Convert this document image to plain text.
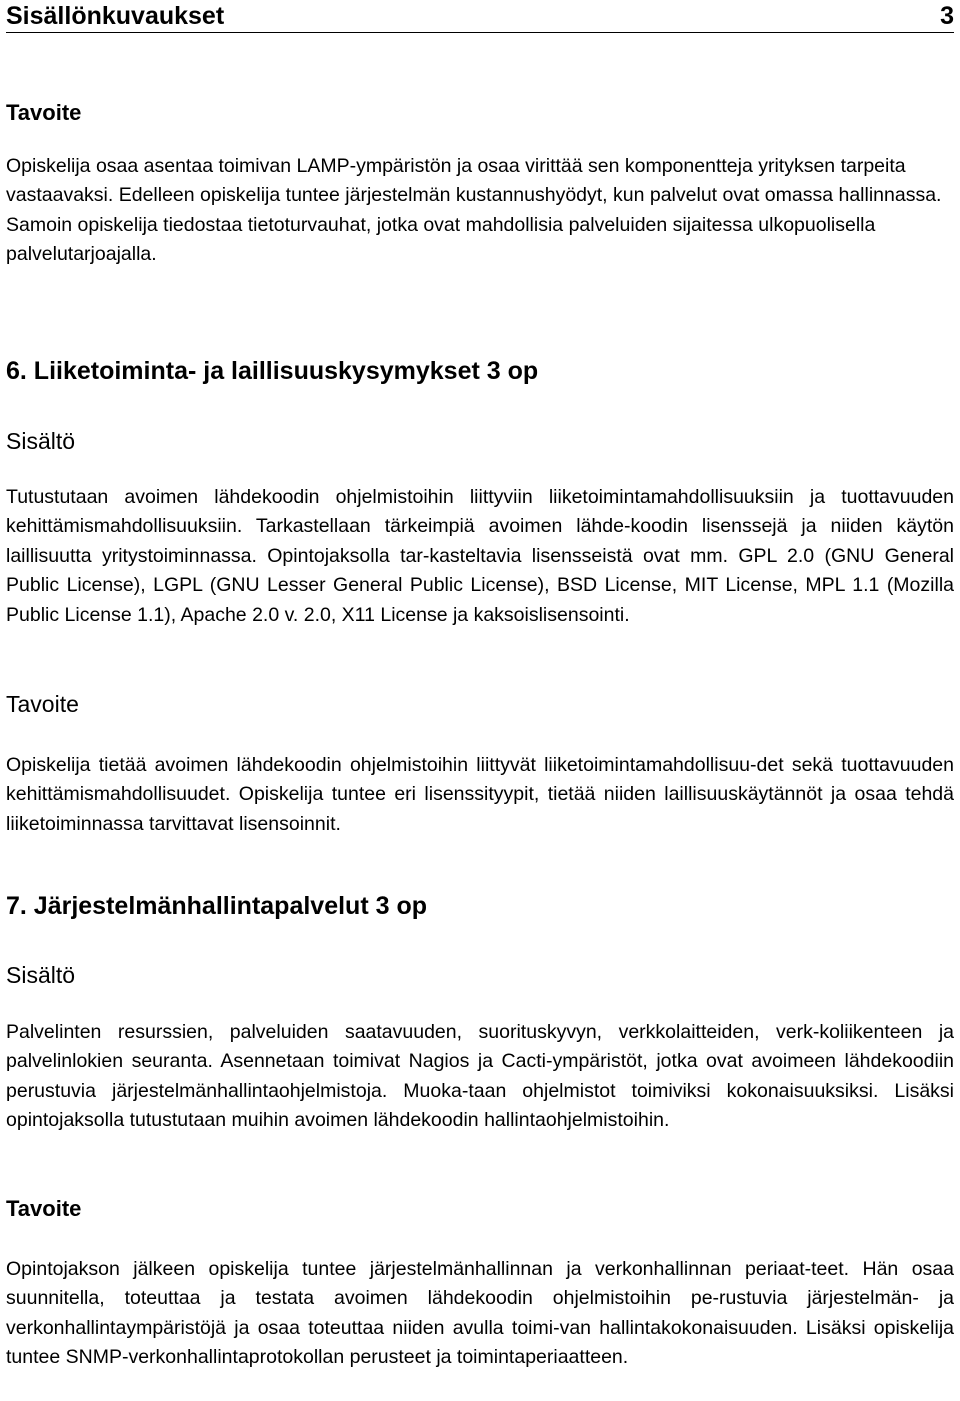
Sisällönkuvaukset	3
Tavoite

Opiskelija osaa asentaa toimivan LAMP-ympäristön ja osaa virittää sen komponentteja yrityksen tarpeita vastaavaksi. Edelleen opiskelija tuntee järjestelmän kustannushyödyt, kun palvelut ovat omassa hallinnassa. Samoin opiskelija tiedostaa tietoturvauhat, jotka ovat mahdollisia palveluiden sijaitessa ulkopuolisella palvelutarjoajalla.

6. Liiketoiminta- ja laillisuuskysymykset 3 op
Sisältö

Tutustutaan avoimen lähdekoodin ohjelmistoihin liittyviin liiketoimintamahdollisuuksiin ja tuottavuuden kehittämismahdollisuuksiin. Tarkastellaan tärkeimpiä avoimen lähde-koodin lisenssejä ja niiden käytön laillisuutta yritystoiminnassa. Opintojaksolla tar-kasteltavia lisensseistä ovat mm. GPL 2.0 (GNU General Public License), LGPL (GNU Lesser General Public License), BSD License, MIT License, MPL 1.1 (Mozilla Public License 1.1), Apache 2.0 v. 2.0, X11 License ja kaksoislisensointi.

Tavoite

Opiskelija tietää avoimen lähdekoodin ohjelmistoihin liittyvät liiketoimintamahdollisuu-det sekä tuottavuuden kehittämismahdollisuudet. Opiskelija tuntee eri lisenssityypit, tietää niiden laillisuuskäytännöt ja osaa tehdä liiketoiminnassa tarvittavat lisensoinnit.

7. Järjestelmänhallintapalvelut 3 op
Sisältö

Palvelinten resurssien, palveluiden saatavuuden, suorituskyvyn, verkkolaitteiden, verk-koliikenteen ja palvelinlokien seuranta. Asennetaan toimivat Nagios ja Cacti-ympäristöt, jotka ovat avoimeen lähdekoodiin perustuvia järjestelmänhallintaohjelmistoja. Muoka-taan ohjelmistot toimiviksi kokonaisuuksiksi. Lisäksi opintojaksolla tutustutaan muihin avoimen lähdekoodin hallintaohjelmistoihin.

Tavoite

Opintojakson jälkeen opiskelija tuntee järjestelmänhallinnan ja verkonhallinnan periaat-teet. Hän osaa suunnitella, toteuttaa ja testata avoimen lähdekoodin ohjelmistoihin pe-rustuvia järjestelmän- ja verkonhallintaympäristöjä ja osaa toteuttaa niiden avulla toimi-van hallintakokonaisuuden. Lisäksi opiskelija tuntee SNMP-verkonhallintaprotokollan perusteet ja toimintaperiaatteen.
